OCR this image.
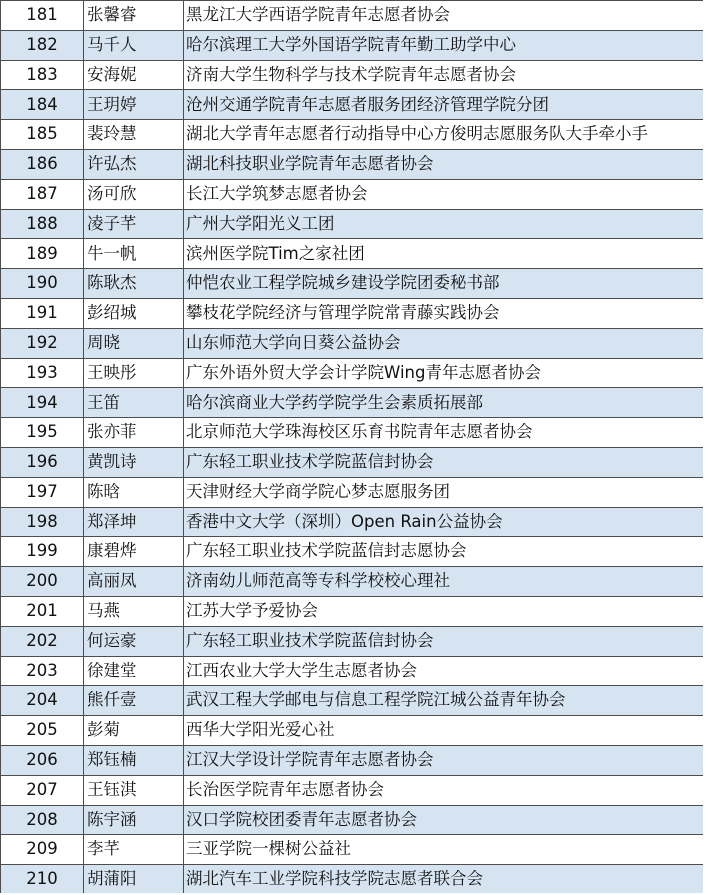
181	张馨睿	黑龙江大学西语学院青年志愿者协会
182	马千人	哈尔滨理工大学外国语学院青年勤工助学中心
183	安海妮	济南大学生物科学与技术学院青年志愿者协会
184	王玥婷	沧州交通学院青年志愿者服务团经济管理学院分团
185	裴玲慧	湖北大学青年志愿者行动指导中心方俊明志愿服务队大手牵小手
186	许弘杰	湖北科技职业学院青年志愿者协会
187	汤可欣	长江大学筑梦志愿者协会
188	凌子芊	广州大学阳光义工团
189	牛一帆	滨州医学院Tim之家社团
190	陈耿杰	仲恺农业工程学院城乡建设学院团委秘书部
191	彭绍城	攀枝花学院经济与管理学院常青藤实践协会
192	周晓	山东师范大学向日葵公益协会
193	王映彤	广东外语外贸大学会计学院Wing青年志愿者协会
194	王笛	哈尔滨商业大学药学院学生会素质拓展部
195	张亦菲	北京师范大学珠海校区乐育书院青年志愿者协会
196	黄凯诗	广东轻工职业技术学院蓝信封协会
197	陈晗	天津财经大学商学院心梦志愿服务团
198	郑泽坤	香港中文大学（深圳）Open Rain公益协会
199	康碧烨	广东轻工职业技术学院蓝信封志愿协会
200	高丽凤	济南幼儿师范高等专科学校校心理社
201	马燕	江苏大学予爱协会
202	何运豪	广东轻工职业技术学院蓝信封协会
203	徐建堂	江西农业大学大学生志愿者协会
204	熊仟壹	武汉工程大学邮电与信息工程学院江城公益青年协会
205	彭菊	西华大学阳光爱心社
206	郑钰楠	江汉大学设计学院青年志愿者协会
207	王钰淇	长治医学院青年志愿者协会
208	陈宇涵	汉口学院校团委青年志愿者协会
209	李芊	三亚学院一棵树公益社
210	胡蒲阳	湖北汽车工业学院科技学院志愿者联合会
